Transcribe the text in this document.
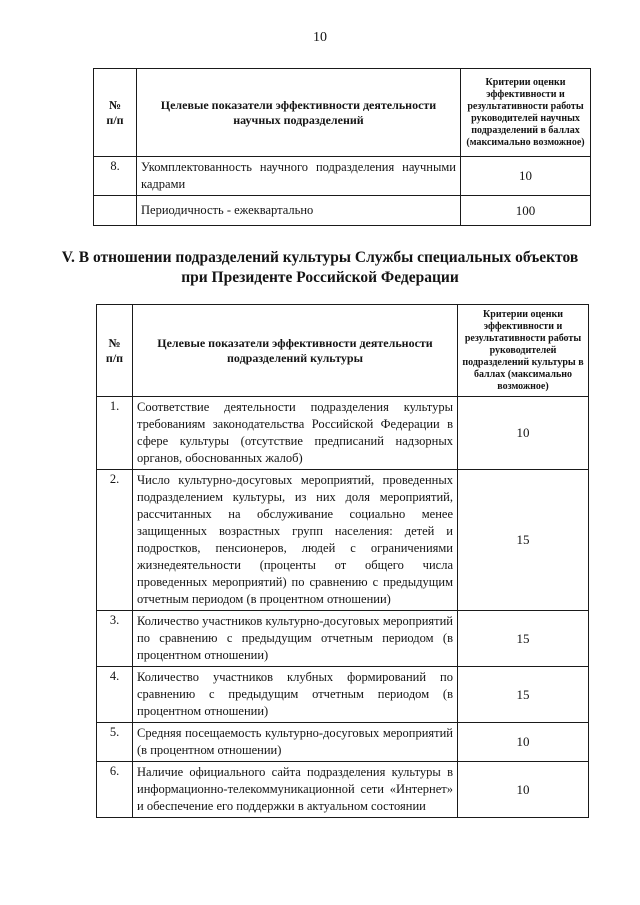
10
№
п/п	Целевые показатели эффективности деятельности научных подразделений	Критерии оценки эффективности и результативности работы руководителей научных подразделений в баллах (максимально возможное)
8.	Укомплектованность научного подразделения научными кадрами	10
	Периодичность - ежеквартально	100
V. В отношении подразделений культуры Службы специальных объектов при Президенте Российской Федерации
№
п/п	Целевые показатели эффективности деятельности подразделений культуры	Критерии оценки эффективности и результативности работы руководителей подразделений культуры в баллах (максимально возможное)
1.	Соответствие деятельности подразделения культуры требованиям законодательства Российской Федерации в сфере культуры (отсутствие предписаний надзорных органов, обоснованных жалоб)	10
2.	Число культурно-досуговых мероприятий, проведенных подразделением культуры, из них доля мероприятий, рассчитанных на обслуживание социально менее защищенных возрастных групп населения: детей и подростков, пенсионеров, людей с ограничениями жизнедеятельности (проценты от общего числа проведенных мероприятий) по сравнению с предыдущим отчетным периодом (в процентном отношении)	15
3.	Количество участников культурно-досуговых мероприятий по сравнению с предыдущим отчетным периодом (в процентном отношении)	15
4.	Количество участников клубных формирований по сравнению с предыдущим отчетным периодом (в процентном отношении)	15
5.	Средняя посещаемость культурно-досуговых мероприятий (в процентном отношении)	10
6.	Наличие официального сайта подразделения культуры в информационно-телекоммуникационной сети «Интернет» и обеспечение его поддержки в актуальном состоянии	10
